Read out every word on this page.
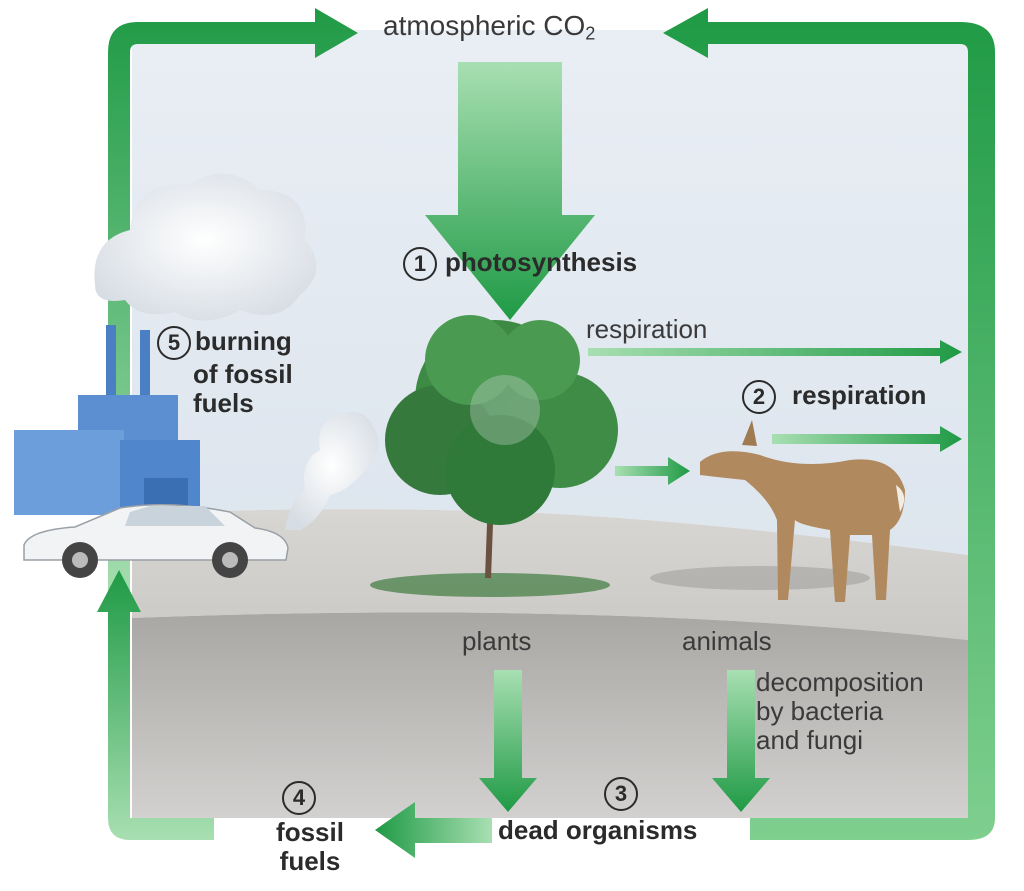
atmospheric $CO_2$
1 photosynthesis
respiration
2 respiration
5 burning
of fossil
fuels
plants	animals
decomposition
by bacteria
and fungi
3
dead organisms
4
fossil
fuels
